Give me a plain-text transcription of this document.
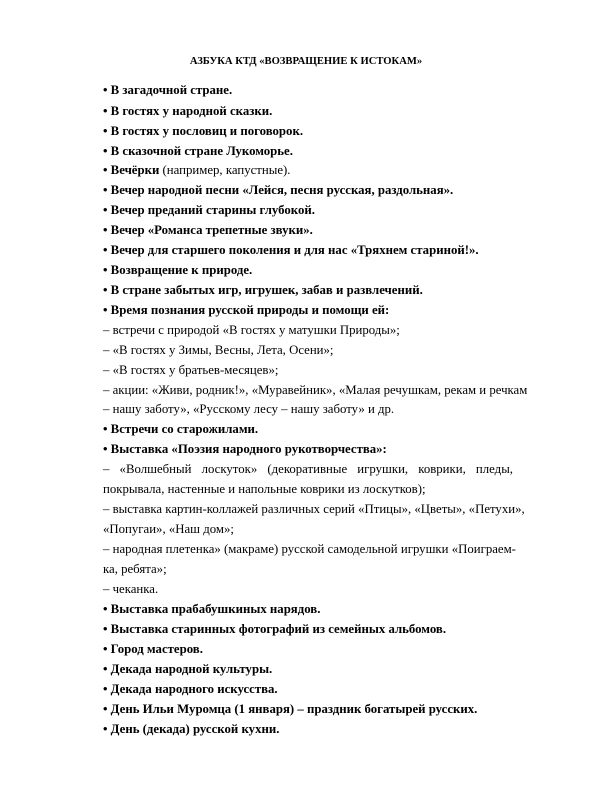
АЗБУКА КТД «ВОЗВРАЩЕНИЕ К ИСТОКАМ»
• В загадочной стране.
• В гостях у народной сказки.
• В гостях у пословиц и поговорок.
• В сказочной стране Лукоморье.
• Вечёрки (например, капустные).
• Вечер народной песни «Лейся, песня русская, раздольная».
• Вечер преданий старины глубокой.
• Вечер «Романса трепетные звуки».
• Вечер для старшего поколения и для нас «Тряхнем стариной!».
• Возвращение к природе.
• В стране забытых игр, игрушек, забав и развлечений.
• Время познания русской природы и помощи ей:
– встречи с природой «В гостях у матушки Природы»;
– «В гостях у Зимы, Весны, Лета, Осени»;
– «В гостях у братьев-месяцев»;
– акции: «Живи, родник!», «Муравейник», «Малая речушкам, рекам и речкам
– нашу заботу», «Русскому лесу – нашу заботу» и др.
• Встречи со старожилами.
• Выставка «Поэзия народного рукотворчества»:
– «Волшебный лоскуток» (декоративные игрушки, коврики, пледы,
покрывала, настенные и напольные коврики из лоскутков);
– выставка картин-коллажей различных серий «Птицы», «Цветы», «Петухи»,
«Попугаи», «Наш дом»;
– народная плетенка» (макраме) русской самодельной игрушки «Поиграем-
ка, ребята»;
– чеканка.
• Выставка прабабушкиных нарядов.
• Выставка старинных фотографий из семейных альбомов.
• Город мастеров.
• Декада народной культуры.
• Декада народного искусства.
• День Ильи Муромца (1 января) – праздник богатырей русских.
• День (декада) русской кухни.
